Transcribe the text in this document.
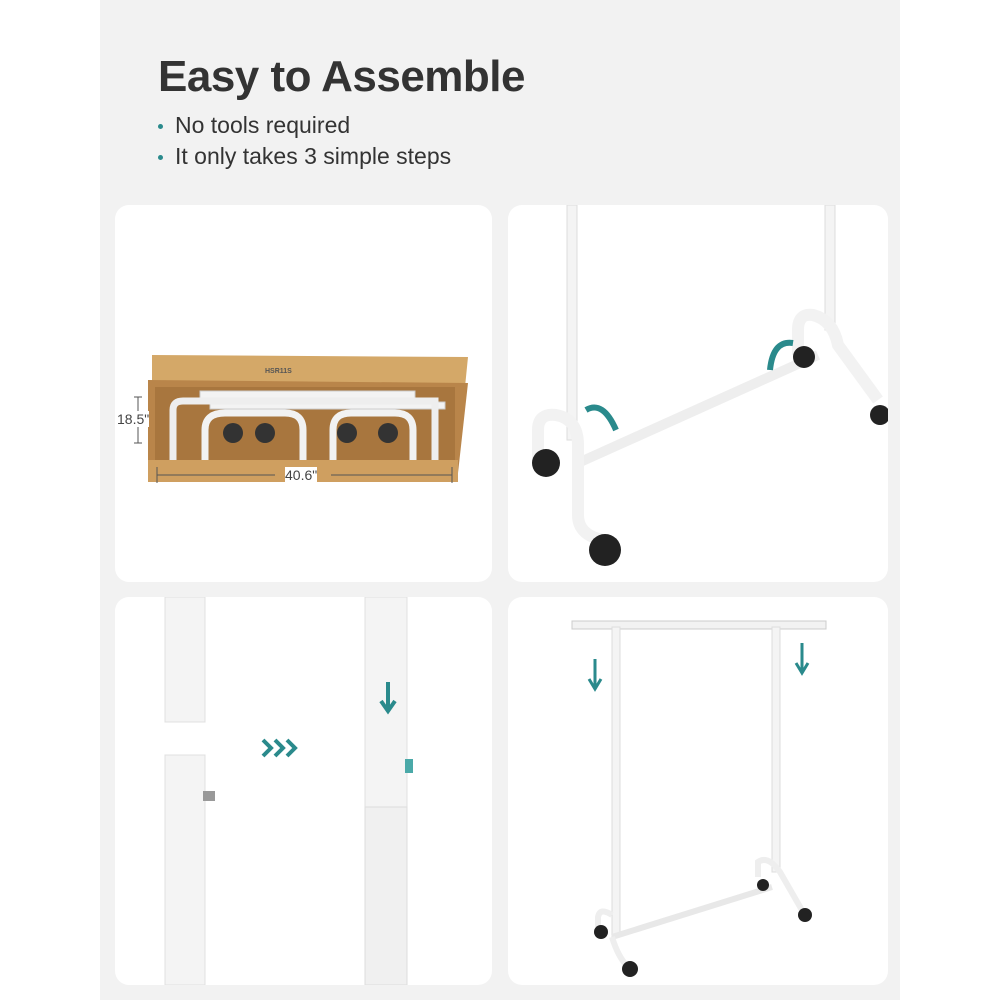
Easy to Assemble
No tools required
It only takes 3 simple steps
HSR11S
18.5"
40.6"
